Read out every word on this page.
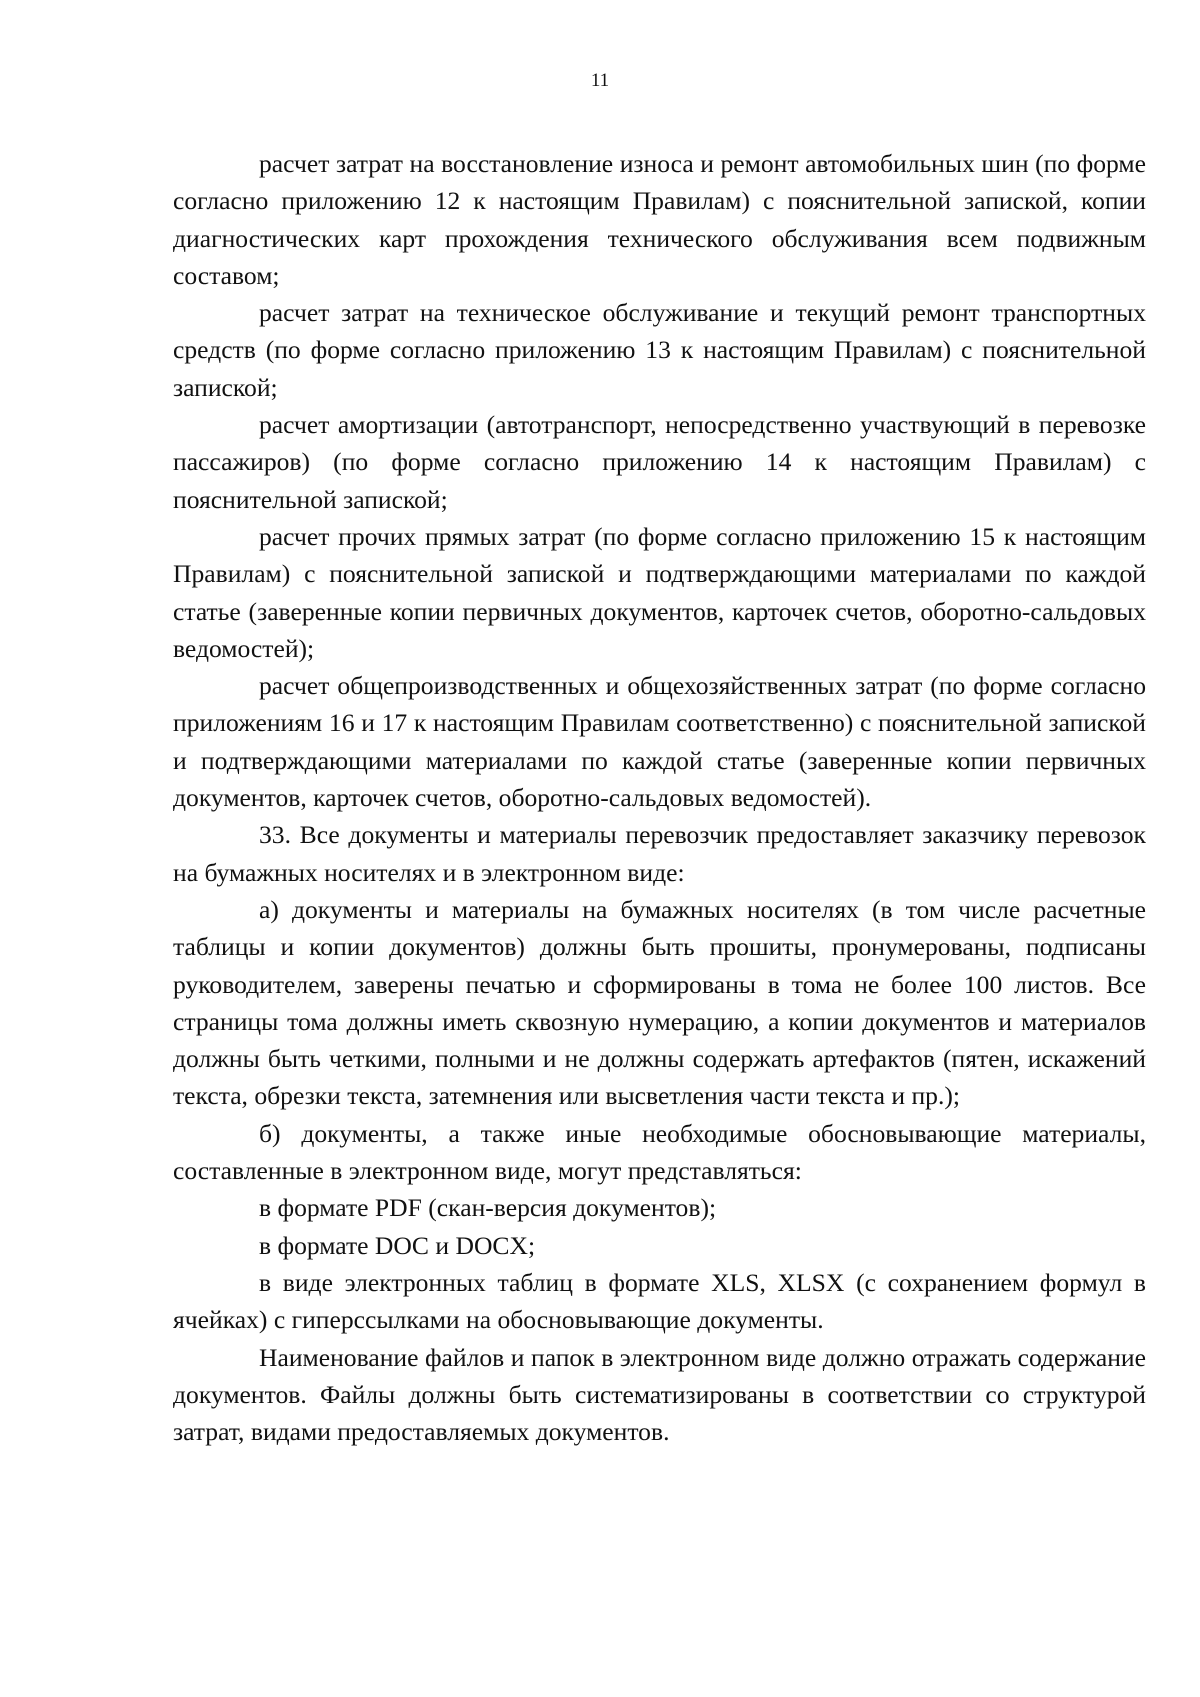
11

расчет затрат на восстановление износа и ремонт автомобильных шин (по форме согласно приложению 12 к настоящим Правилам) с пояснительной запиской, копии диагностических карт прохождения технического обслуживания всем подвижным составом;

расчет затрат на техническое обслуживание и текущий ремонт транспортных средств (по форме согласно приложению 13 к настоящим Правилам) с пояснительной запиской;

расчет амортизации (автотранспорт, непосредственно участвующий в перевозке пассажиров) (по форме согласно приложению 14 к настоящим Правилам) с пояснительной запиской;

расчет прочих прямых затрат (по форме согласно приложению 15 к настоящим Правилам) с пояснительной запиской и подтверждающими материалами по каждой статье (заверенные копии первичных документов, карточек счетов, оборотно-сальдовых ведомостей);

расчет общепроизводственных и общехозяйственных затрат (по форме согласно приложениям 16 и 17 к настоящим Правилам соответственно) с пояснительной запиской и подтверждающими материалами по каждой статье (заверенные копии первичных документов, карточек счетов, оборотно-сальдовых ведомостей).

33. Все документы и материалы перевозчик предоставляет заказчику перевозок на бумажных носителях и в электронном виде:

а) документы и материалы на бумажных носителях (в том числе расчетные таблицы и копии документов) должны быть прошиты, пронумерованы, подписаны руководителем, заверены печатью и сформированы в тома не более 100 листов. Все страницы тома должны иметь сквозную нумерацию, а копии документов и материалов должны быть четкими, полными и не должны содержать артефактов (пятен, искажений текста, обрезки текста, затемнения или высветления части текста и пр.);

б) документы, а также иные необходимые обосновывающие материалы, составленные в электронном виде, могут представляться:

в формате PDF (скан-версия документов);

в формате DOC и DOCX;

в виде электронных таблиц в формате XLS, XLSX (с сохранением формул в ячейках) с гиперссылками на обосновывающие документы.

Наименование файлов и папок в электронном виде должно отражать содержание документов. Файлы должны быть систематизированы в соответствии со структурой затрат, видами предоставляемых документов.
